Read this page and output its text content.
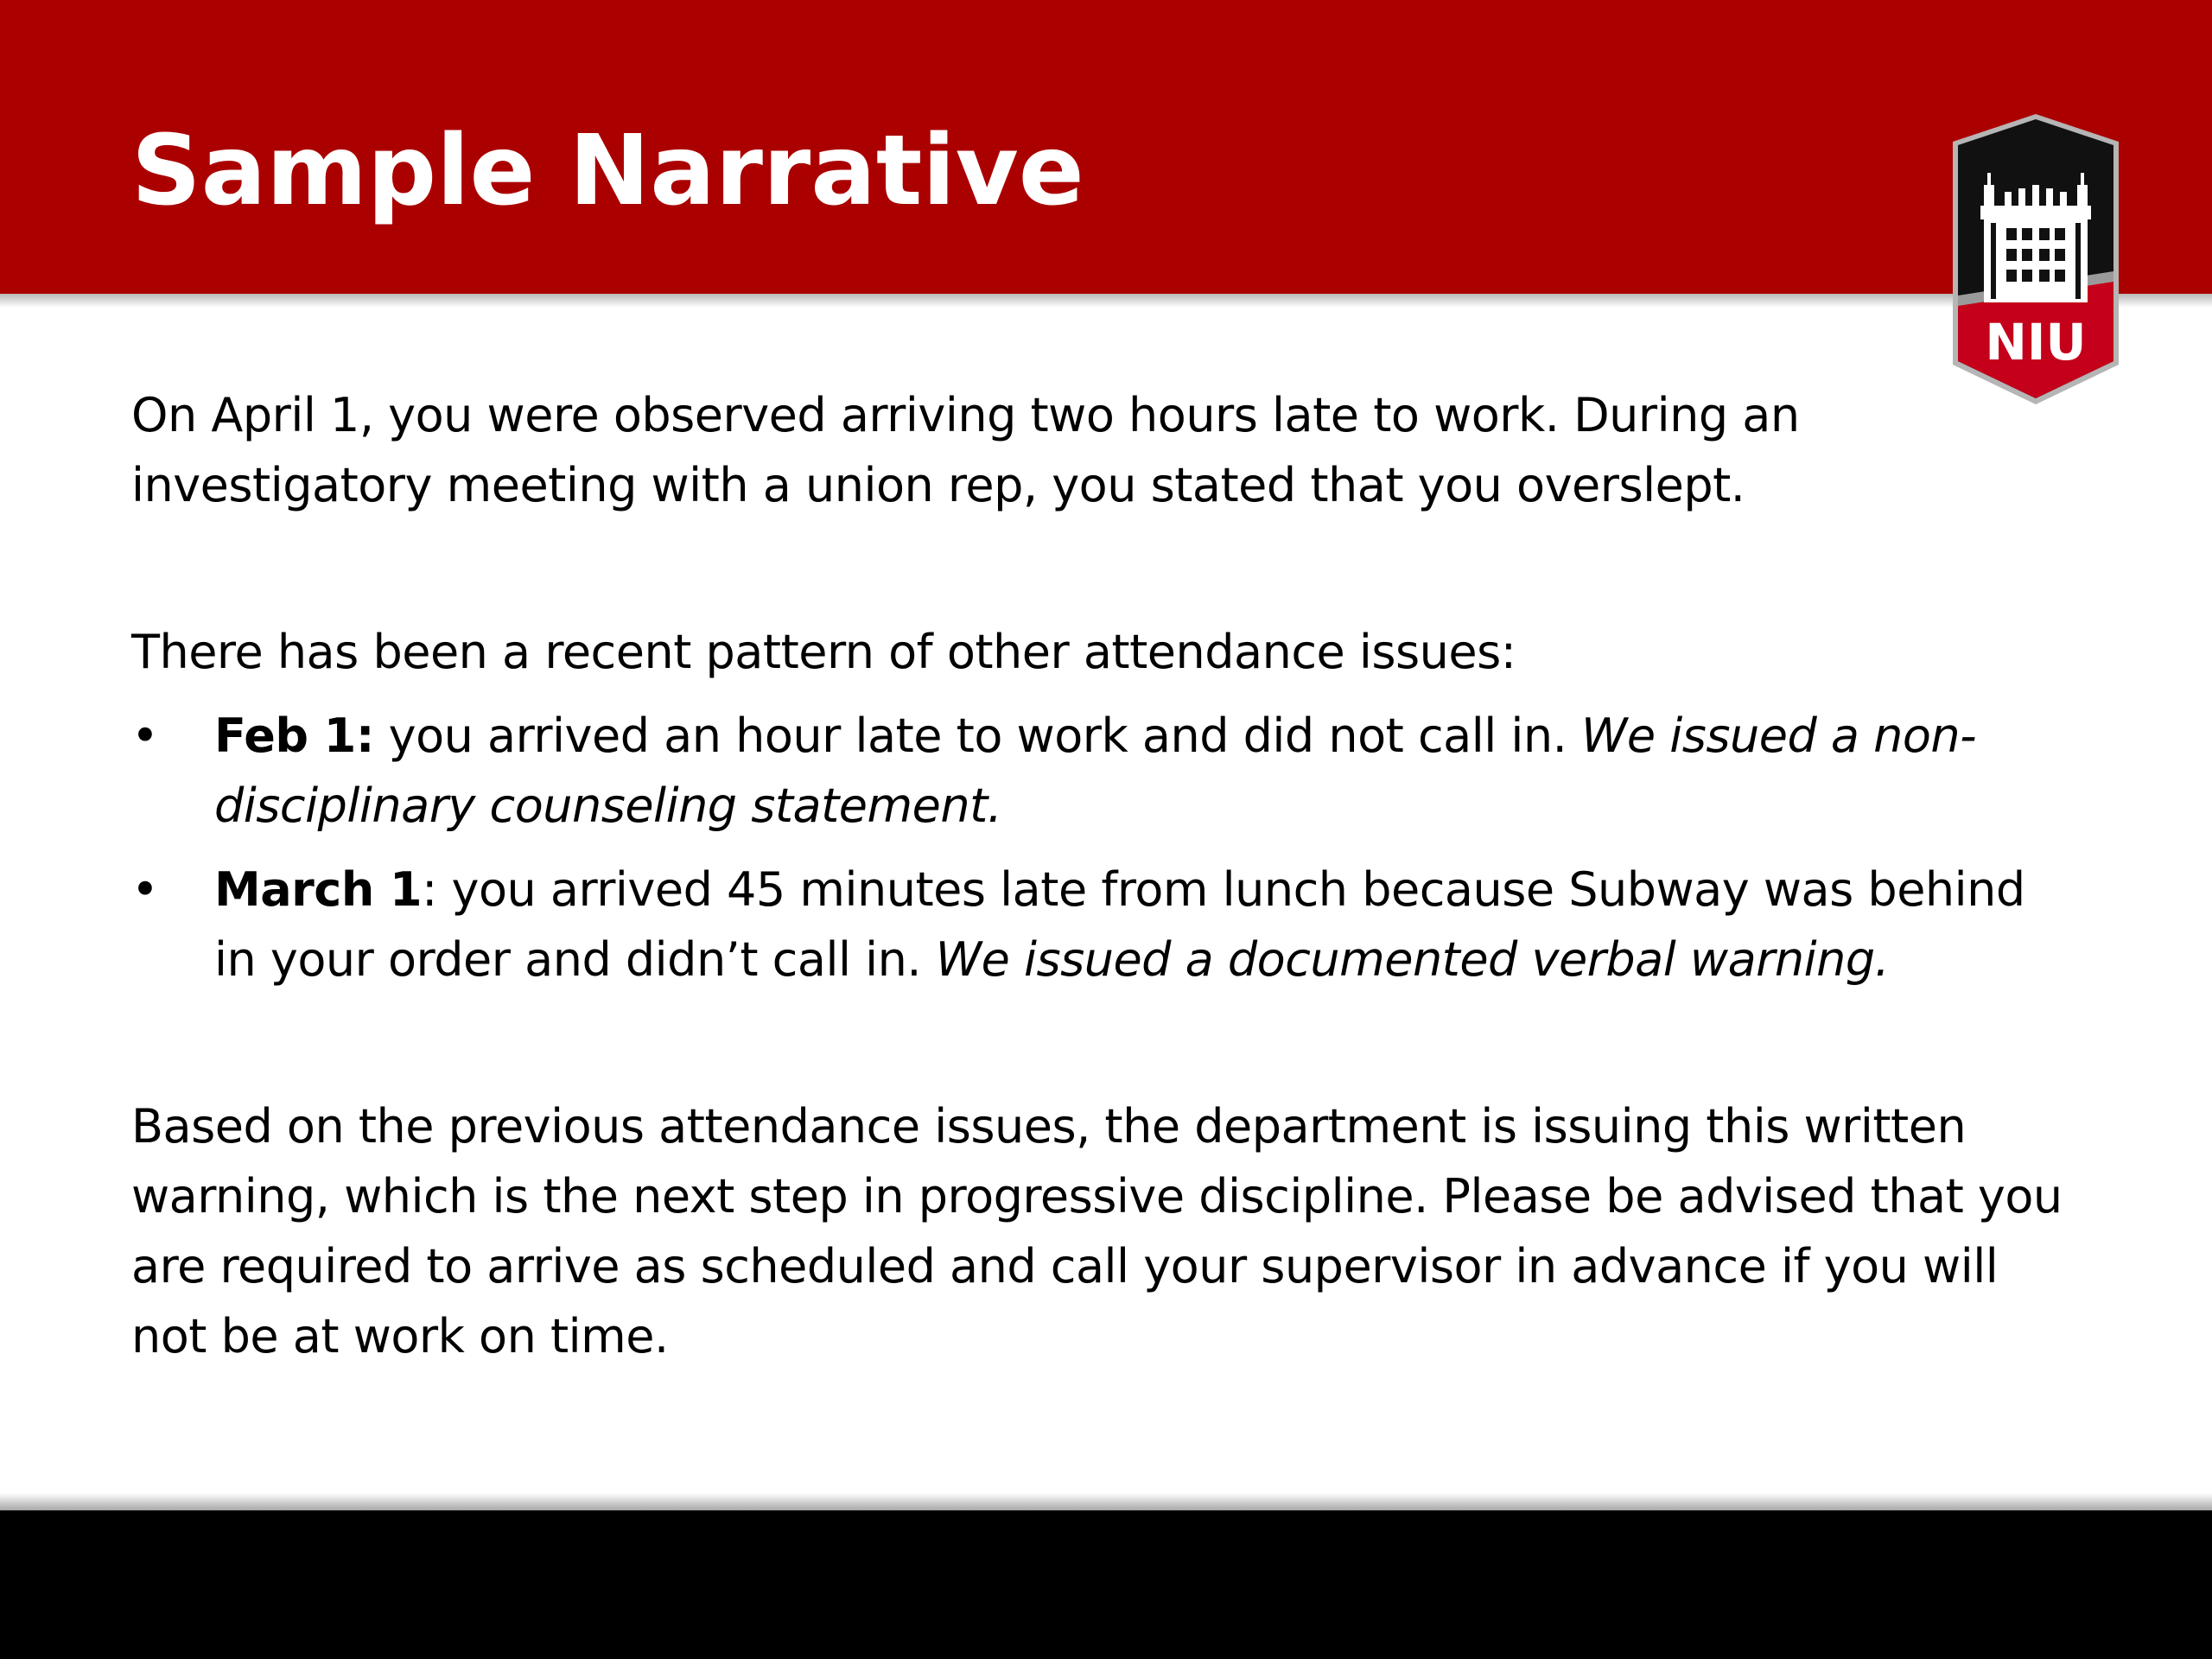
Sample Narrative
NIU

On April 1, you were observed arriving two hours late to work. During an investigatory meeting with a union rep, you stated that you overslept.

There has been a recent pattern of other attendance issues:

• Feb 1: you arrived an hour late to work and did not call in. We issued a non-disciplinary counseling statement.
• March 1: you arrived 45 minutes late from lunch because Subway was behind in your order and didn’t call in. We issued a documented verbal warning.

Based on the previous attendance issues, the department is issuing this written warning, which is the next step in progressive discipline. Please be advised that you are required to arrive as scheduled and call your supervisor in advance if you will not be at work on time.
